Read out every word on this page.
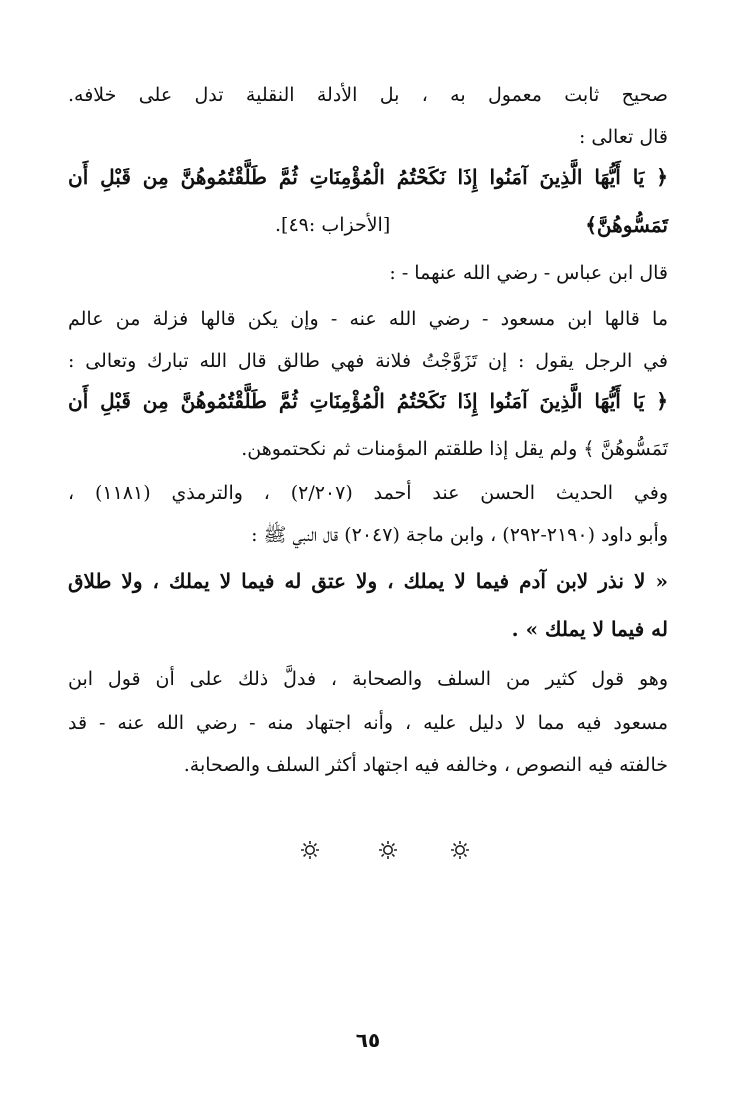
صحيح ثابت معمول به ، بل الأدلة النقلية تدل على خلافه.
قال تعالى :
﴿ يَا أَيُّهَا الَّذِينَ آمَنُوا إِذَا نَكَحْتُمُ الْمُؤْمِنَاتِ ثُمَّ طَلَّقْتُمُوهُنَّ مِن قَبْلِ أَن
تَمَسُّوهُنَّ﴾
[الأحزاب :٤٩].
قال ابن عباس - رضي الله عنهما - :
ما قالها ابن مسعود - رضي الله عنه - وإن يكن قالها فزلة من عالم
في الرجل يقول : إن تَزَوَّجْتُ فلانة فهي طالق قال الله تبارك وتعالى :
﴿ يَا أَيُّهَا الَّذِينَ آمَنُوا إِذَا نَكَحْتُمُ الْمُؤْمِنَاتِ ثُمَّ طَلَّقْتُمُوهُنَّ مِن قَبْلِ أَن
تَمَسُّوهُنَّ ﴾ ولم يقل إذا طلقتم المؤمنات ثم نكحتموهن.
وفي الحديث الحسن عند أحمد (٢/٢٠٧) ، والترمذي (١١٨١) ،
وأبو داود (٢١٩٠-٢٩٢) ، وابن ماجة (٢٠٤٧) قال النبي ﷺ :
« لا نذر لابن آدم فيما لا يملك ، ولا عتق له فيما لا يملك ، ولا طلاق
له فيما لا يملك » .
وهو قول كثير من السلف والصحابة ، فدلَّ ذلك على أن قول ابن
مسعود فيه مما لا دليل عليه ، وأنه اجتهاد منه - رضي الله عنه - قد
خالفته فيه النصوص ، وخالفه فيه اجتهاد أكثر السلف والصحابة.
٦٥
